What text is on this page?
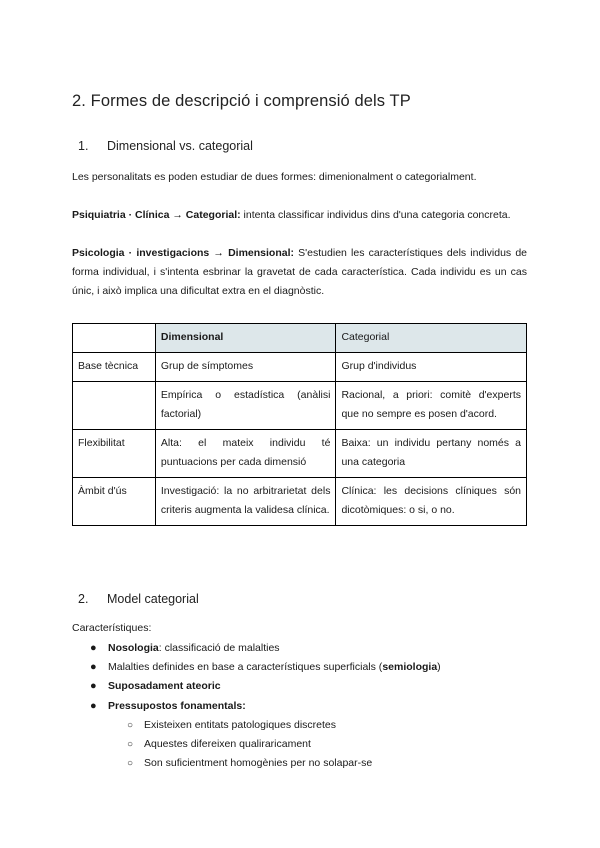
2. Formes de descripció i comprensió dels TP
1. Dimensional vs. categorial

Les personalitats es poden estudiar de dues formes: dimenionalment o categorialment.

Psiquiatria · Clínica → Categorial: intenta classificar individus dins d'una categoria concreta.

Psicologia · investigacions → Dimensional: S'estudien les característiques dels individus de forma individual, i s'intenta esbrinar la gravetat de cada característica. Cada individu es un cas únic, i això implica una dificultat extra en el diagnòstic.

	Dimensional	Categorial
Base tècnica	Grup de símptomes	Grup d'individus
	Empírica o estadística (anàlisi factorial)	Racional, a priori: comitè d'experts que no sempre es posen d'acord.
Flexibilitat	Alta: el mateix individu té puntuacions per cada dimensió	Baixa: un individu pertany només a una categoria
Àmbit d'ús	Investigació: la no arbitrarietat dels criteris augmenta la validesa clínica.	Clínica: les decisions clíniques són dicotòmiques: o si, o no.
2. Model categorial
Característiques:
● Nosologia: classificació de malalties
● Malalties definides en base a característiques superficials (semiologia)
● Suposadament ateoric
● Pressupostos fonamentals:
○ Existeixen entitats patologiques discretes
○ Aquestes difereixen qualiraricament
○ Son suficientment homogènies per no solapar-se
